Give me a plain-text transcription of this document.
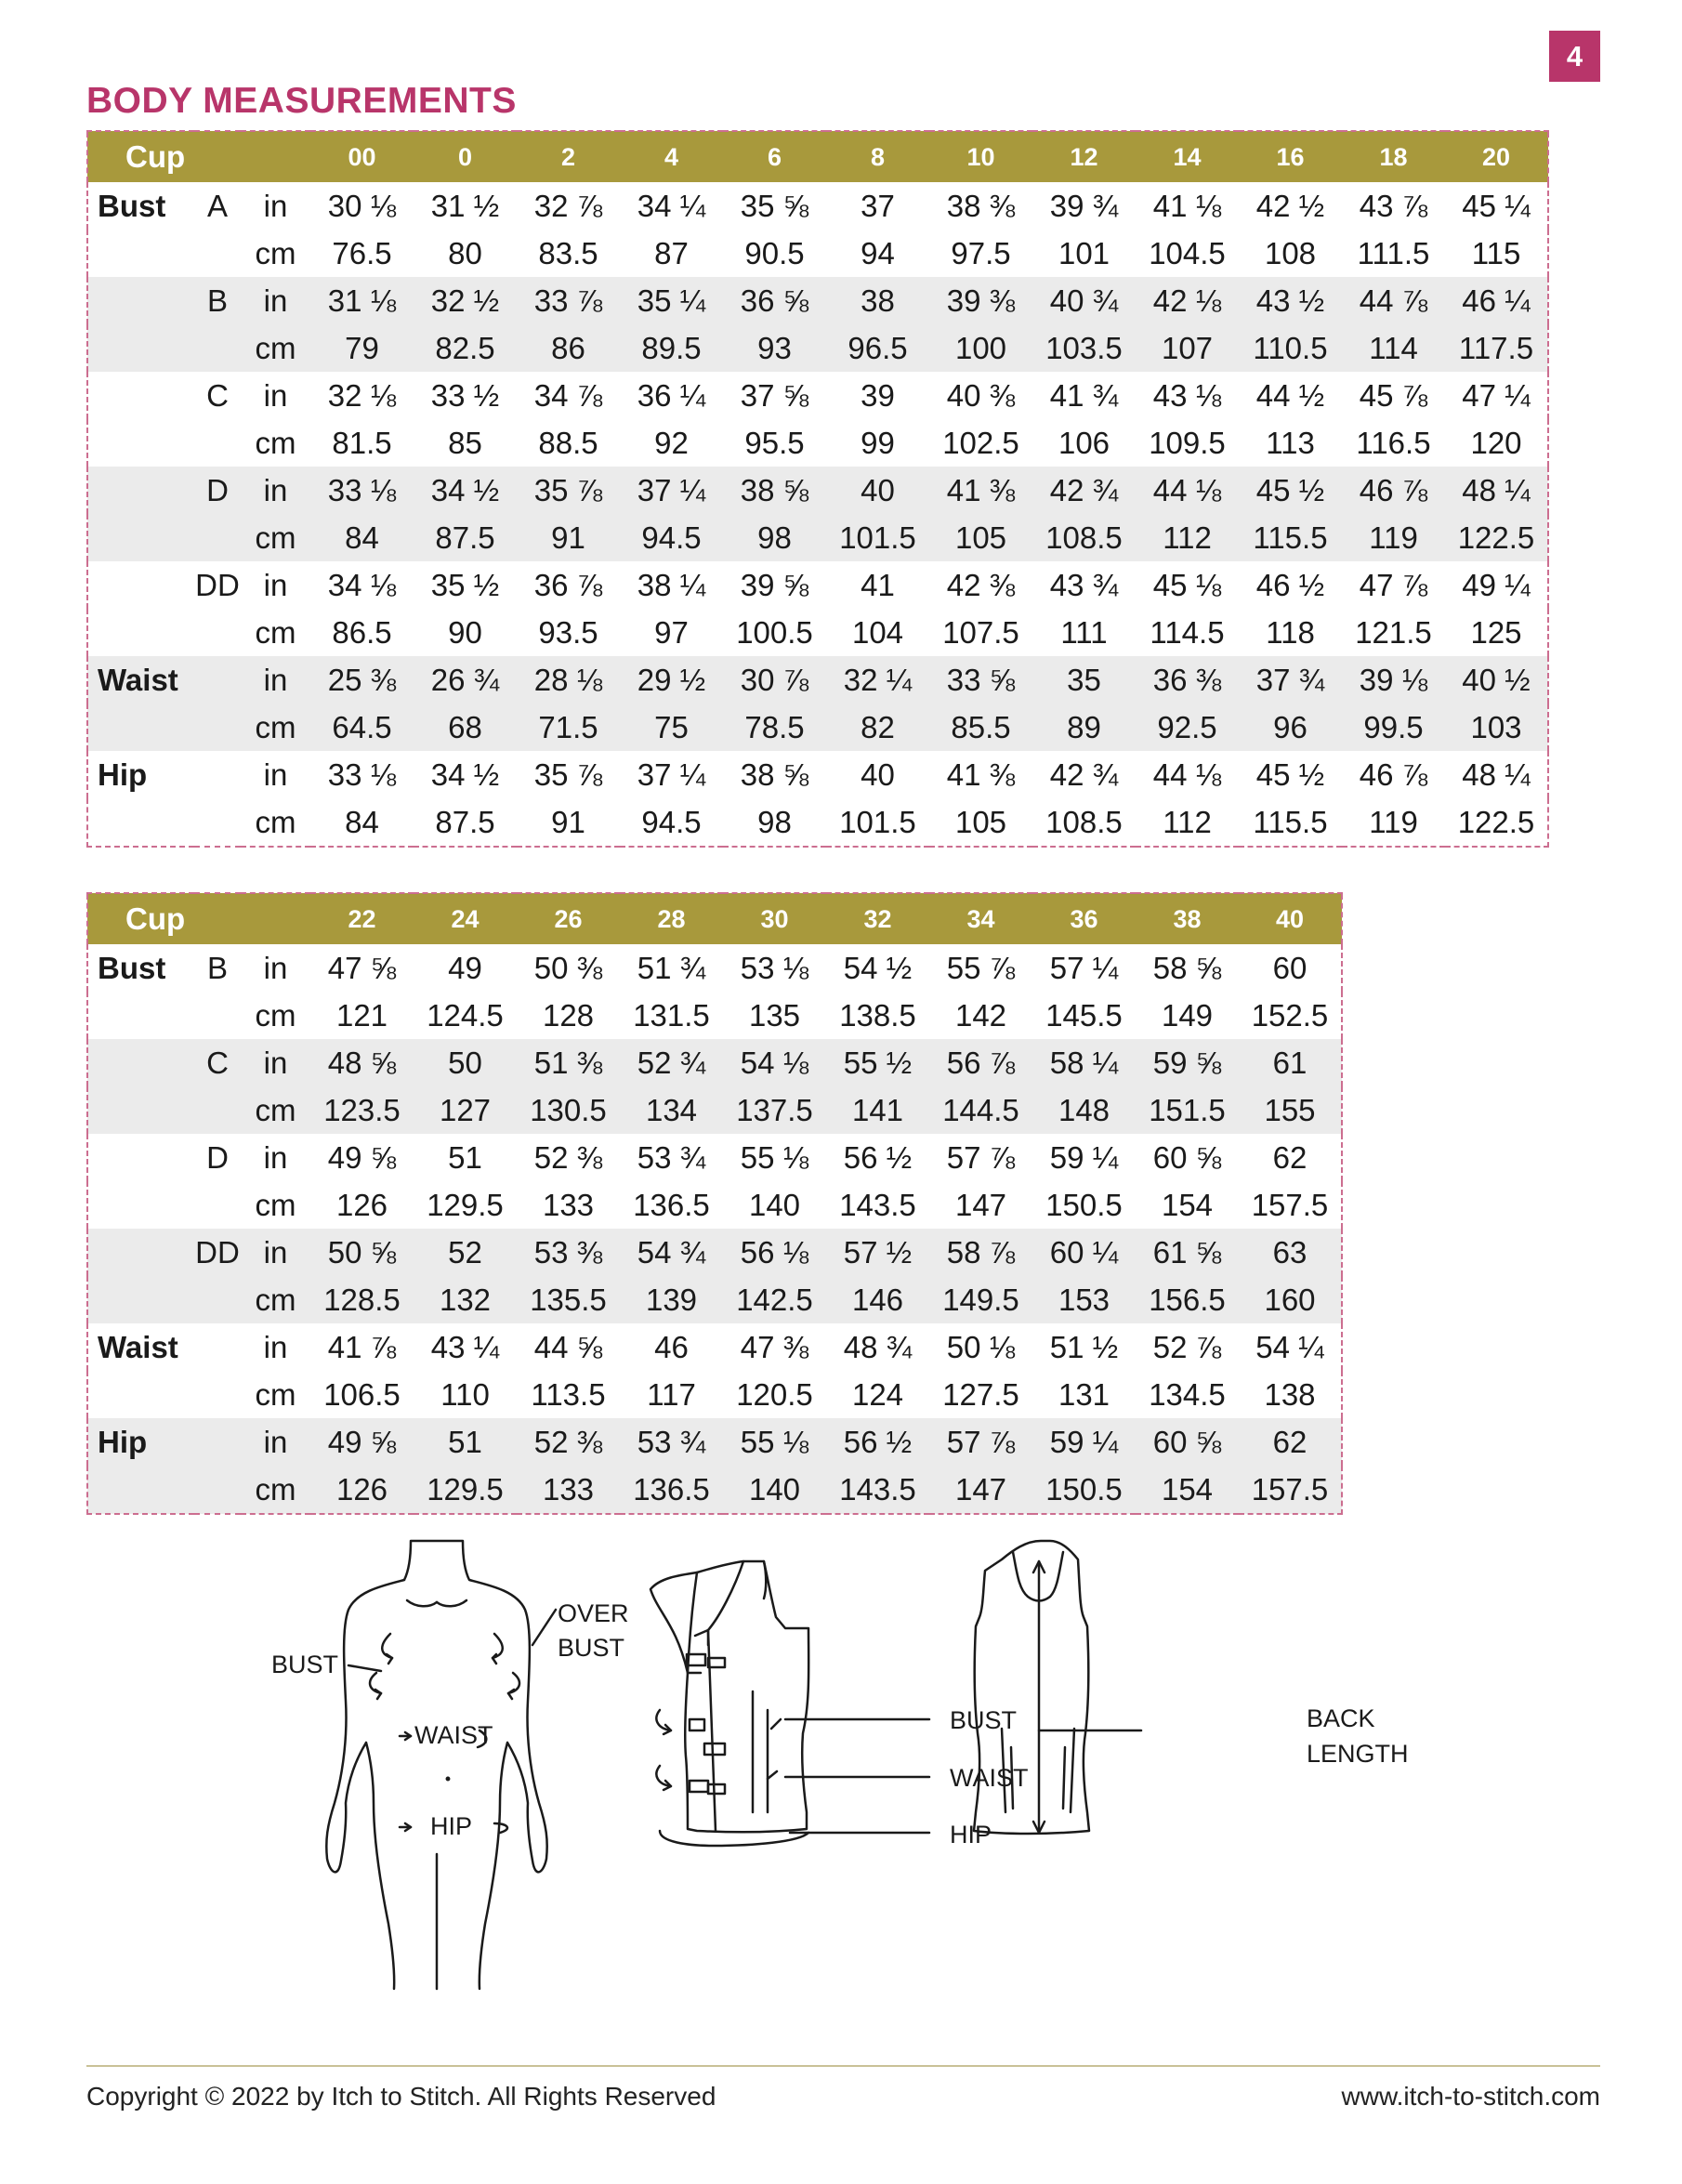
4
BODY MEASUREMENTS
Cup			00	0	2	4	6	8	10	12	14	16	18	20
Bust	A	in	30 ⅛	31 ½	32 ⅞	34 ¼	35 ⅝	37	38 ⅜	39 ¾	41 ⅛	42 ½	43 ⅞	45 ¼
		cm	76.5	80	83.5	87	90.5	94	97.5	101	104.5	108	111.5	115
	B	in	31 ⅛	32 ½	33 ⅞	35 ¼	36 ⅝	38	39 ⅜	40 ¾	42 ⅛	43 ½	44 ⅞	46 ¼
		cm	79	82.5	86	89.5	93	96.5	100	103.5	107	110.5	114	117.5
	C	in	32 ⅛	33 ½	34 ⅞	36 ¼	37 ⅝	39	40 ⅜	41 ¾	43 ⅛	44 ½	45 ⅞	47 ¼
		cm	81.5	85	88.5	92	95.5	99	102.5	106	109.5	113	116.5	120
	D	in	33 ⅛	34 ½	35 ⅞	37 ¼	38 ⅝	40	41 ⅜	42 ¾	44 ⅛	45 ½	46 ⅞	48 ¼
		cm	84	87.5	91	94.5	98	101.5	105	108.5	112	115.5	119	122.5
	DD	in	34 ⅛	35 ½	36 ⅞	38 ¼	39 ⅝	41	42 ⅜	43 ¾	45 ⅛	46 ½	47 ⅞	49 ¼
		cm	86.5	90	93.5	97	100.5	104	107.5	111	114.5	118	121.5	125
Waist		in	25 ⅜	26 ¾	28 ⅛	29 ½	30 ⅞	32 ¼	33 ⅝	35	36 ⅜	37 ¾	39 ⅛	40 ½
		cm	64.5	68	71.5	75	78.5	82	85.5	89	92.5	96	99.5	103
Hip		in	33 ⅛	34 ½	35 ⅞	37 ¼	38 ⅝	40	41 ⅜	42 ¾	44 ⅛	45 ½	46 ⅞	48 ¼
		cm	84	87.5	91	94.5	98	101.5	105	108.5	112	115.5	119	122.5
Cup			22	24	26	28	30	32	34	36	38	40
Bust	B	in	47 ⅝	49	50 ⅜	51 ¾	53 ⅛	54 ½	55 ⅞	57 ¼	58 ⅝	60
		cm	121	124.5	128	131.5	135	138.5	142	145.5	149	152.5
	C	in	48 ⅝	50	51 ⅜	52 ¾	54 ⅛	55 ½	56 ⅞	58 ¼	59 ⅝	61
		cm	123.5	127	130.5	134	137.5	141	144.5	148	151.5	155
	D	in	49 ⅝	51	52 ⅜	53 ¾	55 ⅛	56 ½	57 ⅞	59 ¼	60 ⅝	62
		cm	126	129.5	133	136.5	140	143.5	147	150.5	154	157.5
	DD	in	50 ⅝	52	53 ⅜	54 ¾	56 ⅛	57 ½	58 ⅞	60 ¼	61 ⅝	63
		cm	128.5	132	135.5	139	142.5	146	149.5	153	156.5	160
Waist		in	41 ⅞	43 ¼	44 ⅝	46	47 ⅜	48 ¾	50 ⅛	51 ½	52 ⅞	54 ¼
		cm	106.5	110	113.5	117	120.5	124	127.5	131	134.5	138
Hip		in	49 ⅝	51	52 ⅜	53 ¾	55 ⅛	56 ½	57 ⅞	59 ¼	60 ⅝	62
		cm	126	129.5	133	136.5	140	143.5	147	150.5	154	157.5
BUST
OVER
BUST
WAIST
HIP
BUST
WAIST
HIP
BACK
LENGTH
Copyright © 2022 by Itch to Stitch. All Rights Reserved	www.itch-to-stitch.com
